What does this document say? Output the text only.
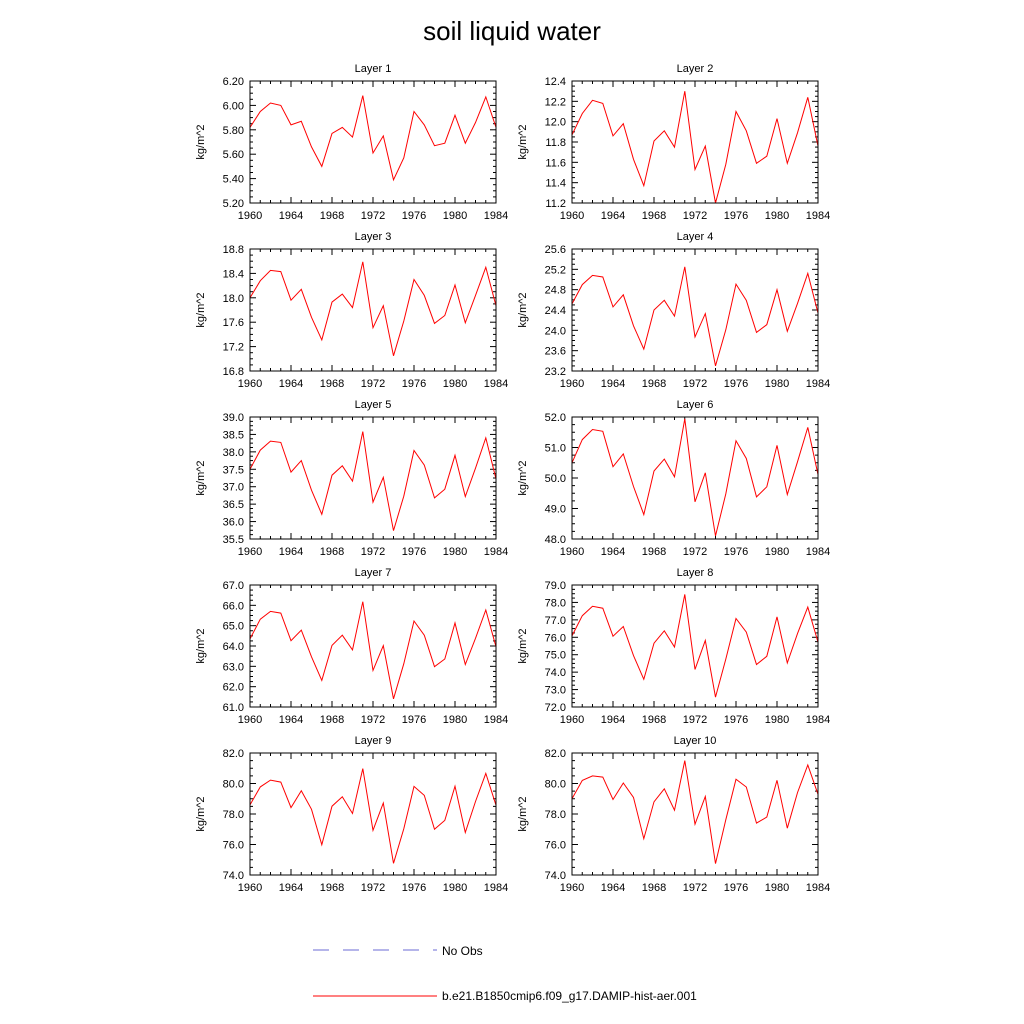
soil liquid water
Layer 1
5.20
5.40
5.60
5.80
6.00
6.20
1960 1964 1968 1972 1976 1980 1984
kg/m^2
Layer 2
11.2
11.4
11.6
11.8
12.0
12.2
12.4
1960 1964 1968 1972 1976 1980 1984
kg/m^2
Layer 3
16.8
17.2
17.6
18.0
18.4
18.8
1960 1964 1968 1972 1976 1980 1984
kg/m^2
Layer 4
23.2
23.6
24.0
24.4
24.8
25.2
25.6
1960 1964 1968 1972 1976 1980 1984
kg/m^2
Layer 5
35.5
36.0
36.5
37.0
37.5
38.0
38.5
39.0
1960 1964 1968 1972 1976 1980 1984
kg/m^2
Layer 6
48.0
49.0
50.0
51.0
52.0
1960 1964 1968 1972 1976 1980 1984
kg/m^2
Layer 7
61.0
62.0
63.0
64.0
65.0
66.0
67.0
1960 1964 1968 1972 1976 1980 1984
kg/m^2
Layer 8
72.0
73.0
74.0
75.0
76.0
77.0
78.0
79.0
1960 1964 1968 1972 1976 1980 1984
kg/m^2
Layer 9
74.0
76.0
78.0
80.0
82.0
1960 1964 1968 1972 1976 1980 1984
kg/m^2
Layer 10
74.0
76.0
78.0
80.0
82.0
1960 1964 1968 1972 1976 1980 1984
kg/m^2
No Obs
b.e21.B1850cmip6.f09_g17.DAMIP-hist-aer.001
